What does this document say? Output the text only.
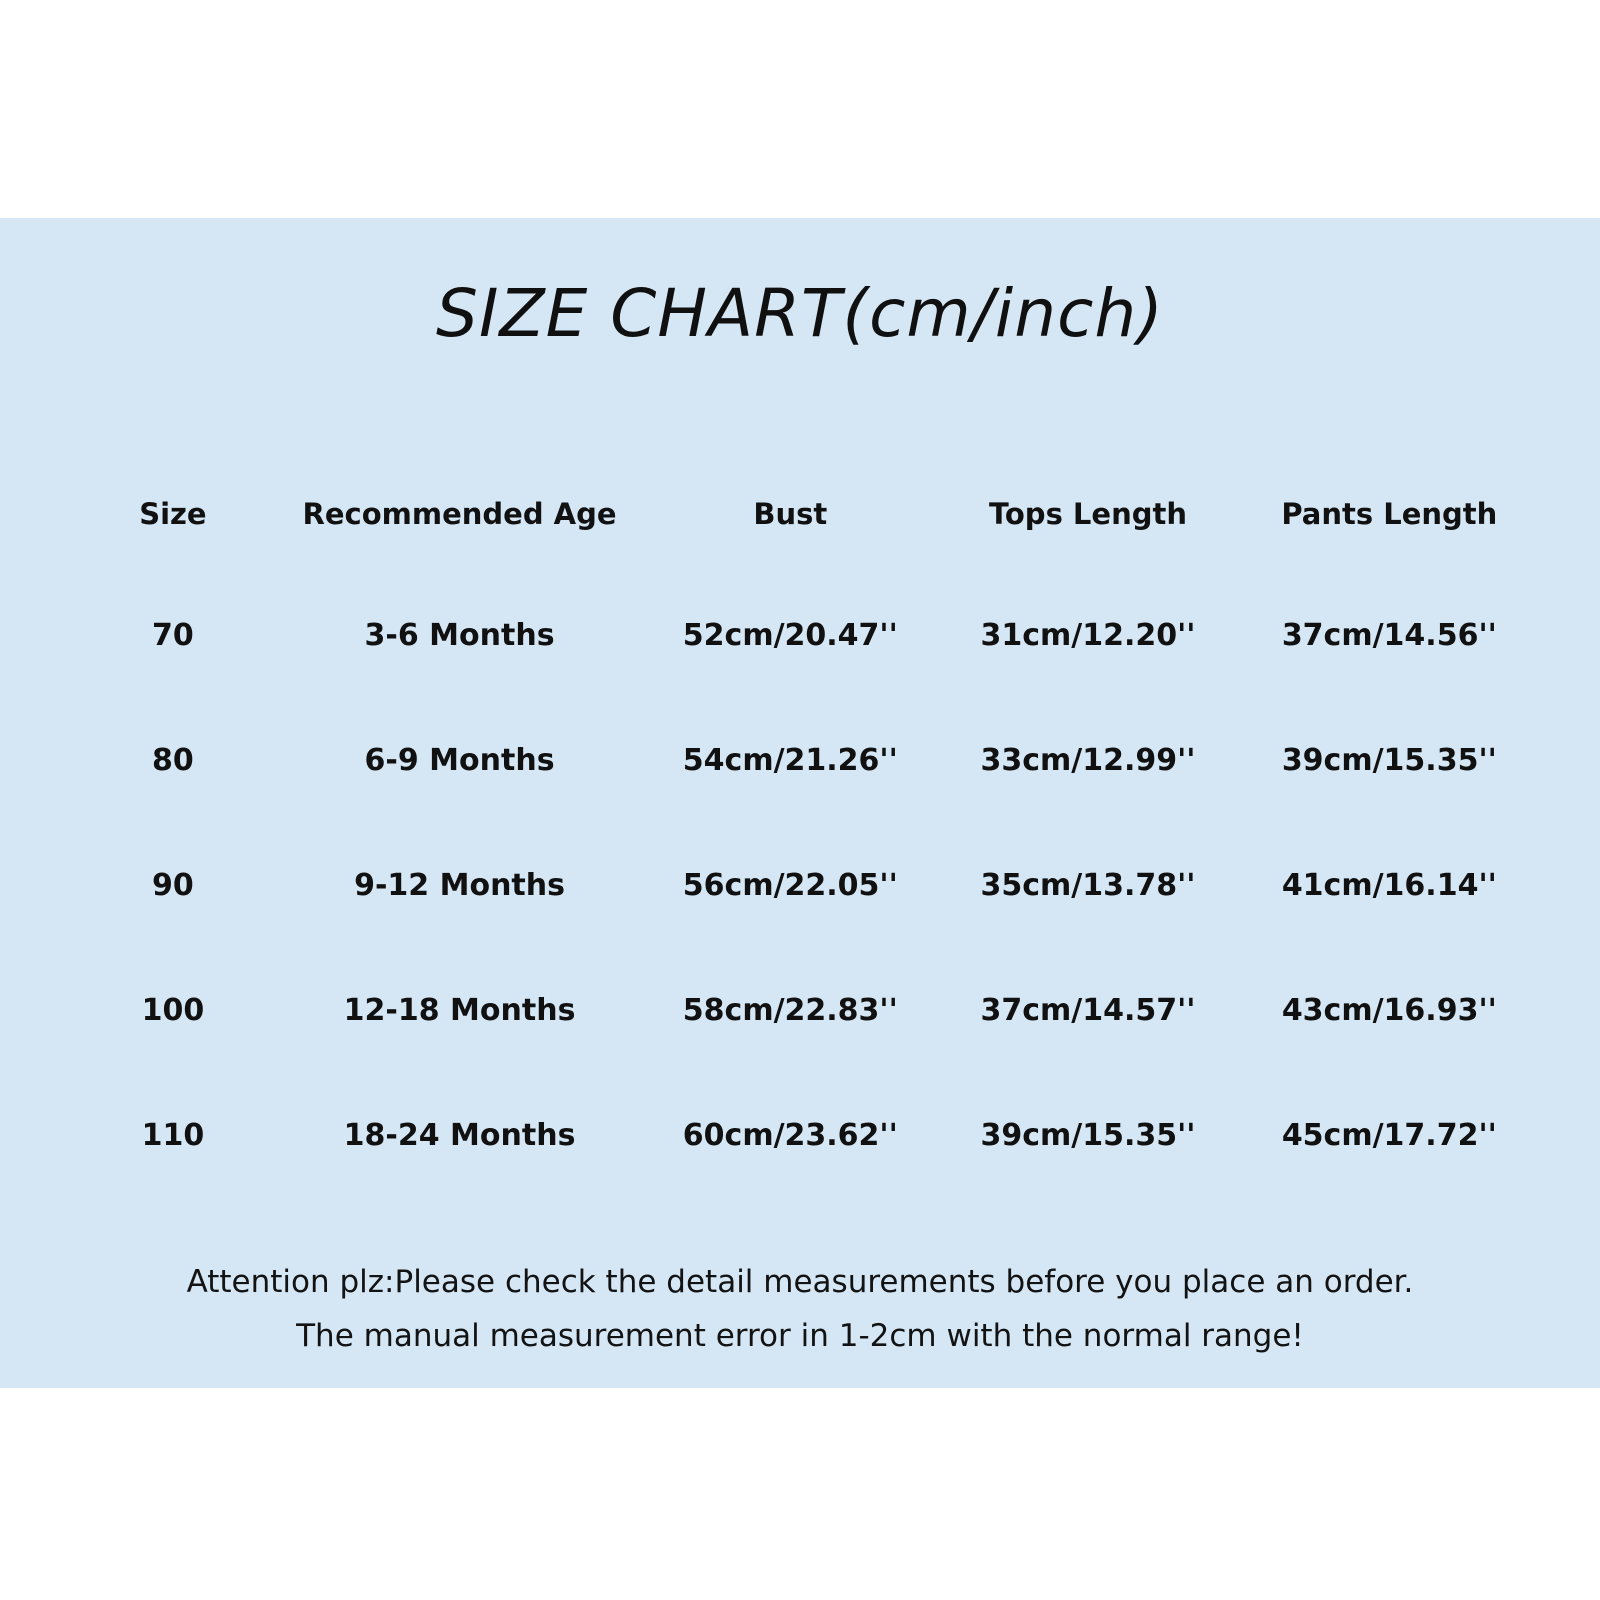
SIZE CHART(cm/inch)
Size	Recommended Age	Bust	Tops Length	Pants Length
70	3-6 Months	52cm/20.47''	31cm/12.20''	37cm/14.56''
80	6-9 Months	54cm/21.26''	33cm/12.99''	39cm/15.35''
90	9-12 Months	56cm/22.05''	35cm/13.78''	41cm/16.14''
100	12-18 Months	58cm/22.83''	37cm/14.57''	43cm/16.93''
110	18-24 Months	60cm/23.62''	39cm/15.35''	45cm/17.72''
Attention plz:Please check the detail measurements before you place an order.
The manual measurement error in 1-2cm with the normal range!
